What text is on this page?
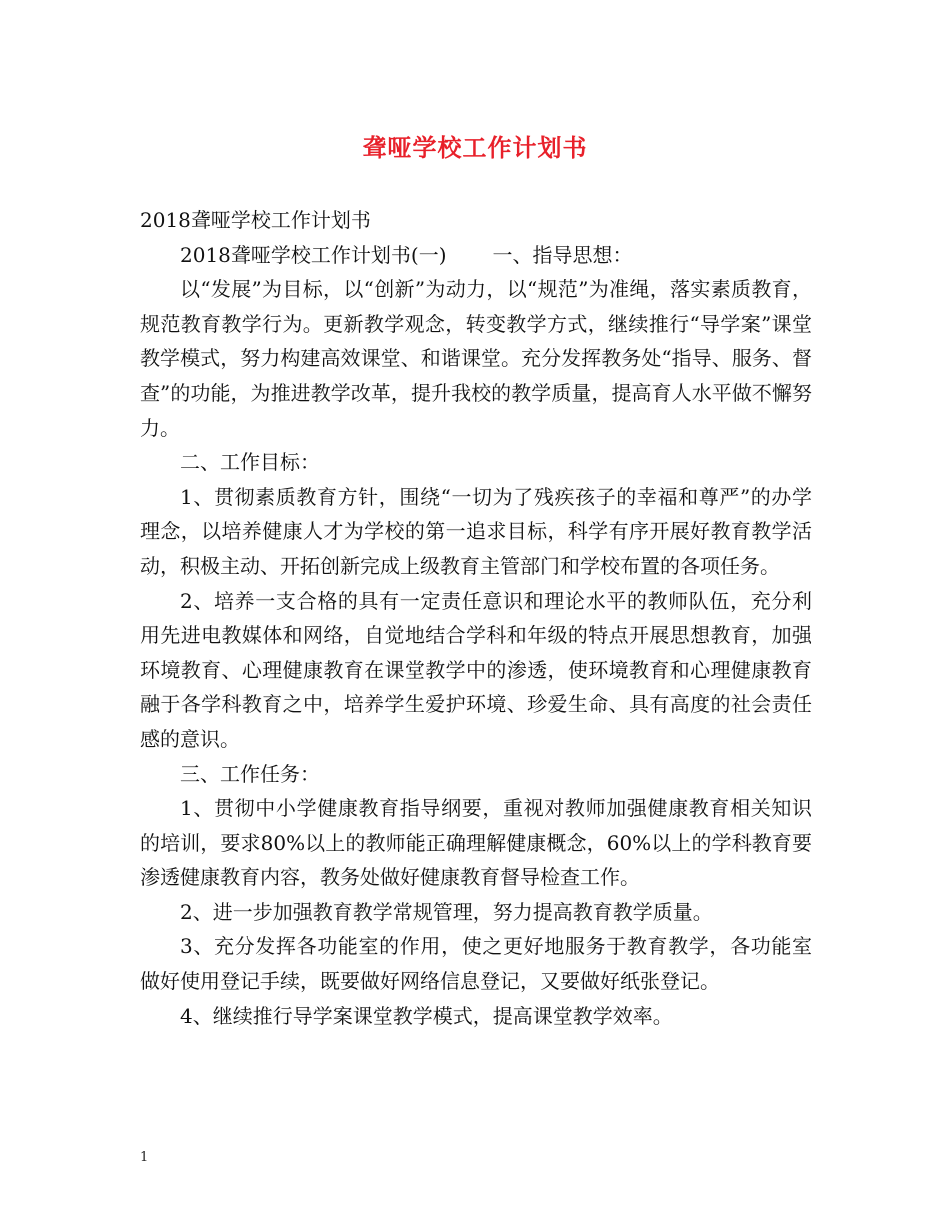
聋哑学校工作计划书

2018聋哑学校工作计划书

2018聋哑学校工作计划书(一) 一、指导思想：

以“发展”为目标，以“创新”为动力，以“规范”为准绳，落实素质教育，规范教育教学行为。更新教学观念，转变教学方式，继续推行“导学案”课堂教学模式，努力构建高效课堂、和谐课堂。充分发挥教务处“指导、服务、督查”的功能，为推进教学改革，提升我校的教学质量，提高育人水平做不懈努力。

二、工作目标：

1、贯彻素质教育方针，围绕“一切为了残疾孩子的幸福和尊严”的办学理念，以培养健康人才为学校的第一追求目标，科学有序开展好教育教学活动，积极主动、开拓创新完成上级教育主管部门和学校布置的各项任务。

2、培养一支合格的具有一定责任意识和理论水平的教师队伍，充分利用先进电教媒体和网络，自觉地结合学科和年级的特点开展思想教育，加强环境教育、心理健康教育在课堂教学中的渗透，使环境教育和心理健康教育融于各学科教育之中，培养学生爱护环境、珍爱生命、具有高度的社会责任感的意识。

三、工作任务：

1、贯彻中小学健康教育指导纲要，重视对教师加强健康教育相关知识的培训，要求80%以上的教师能正确理解健康概念，60%以上的学科教育要渗透健康教育内容，教务处做好健康教育督导检查工作。

2、进一步加强教育教学常规管理，努力提高教育教学质量。

3、充分发挥各功能室的作用，使之更好地服务于教育教学，各功能室做好使用登记手续，既要做好网络信息登记，又要做好纸张登记。

4、继续推行导学案课堂教学模式，提高课堂教学效率。

1
